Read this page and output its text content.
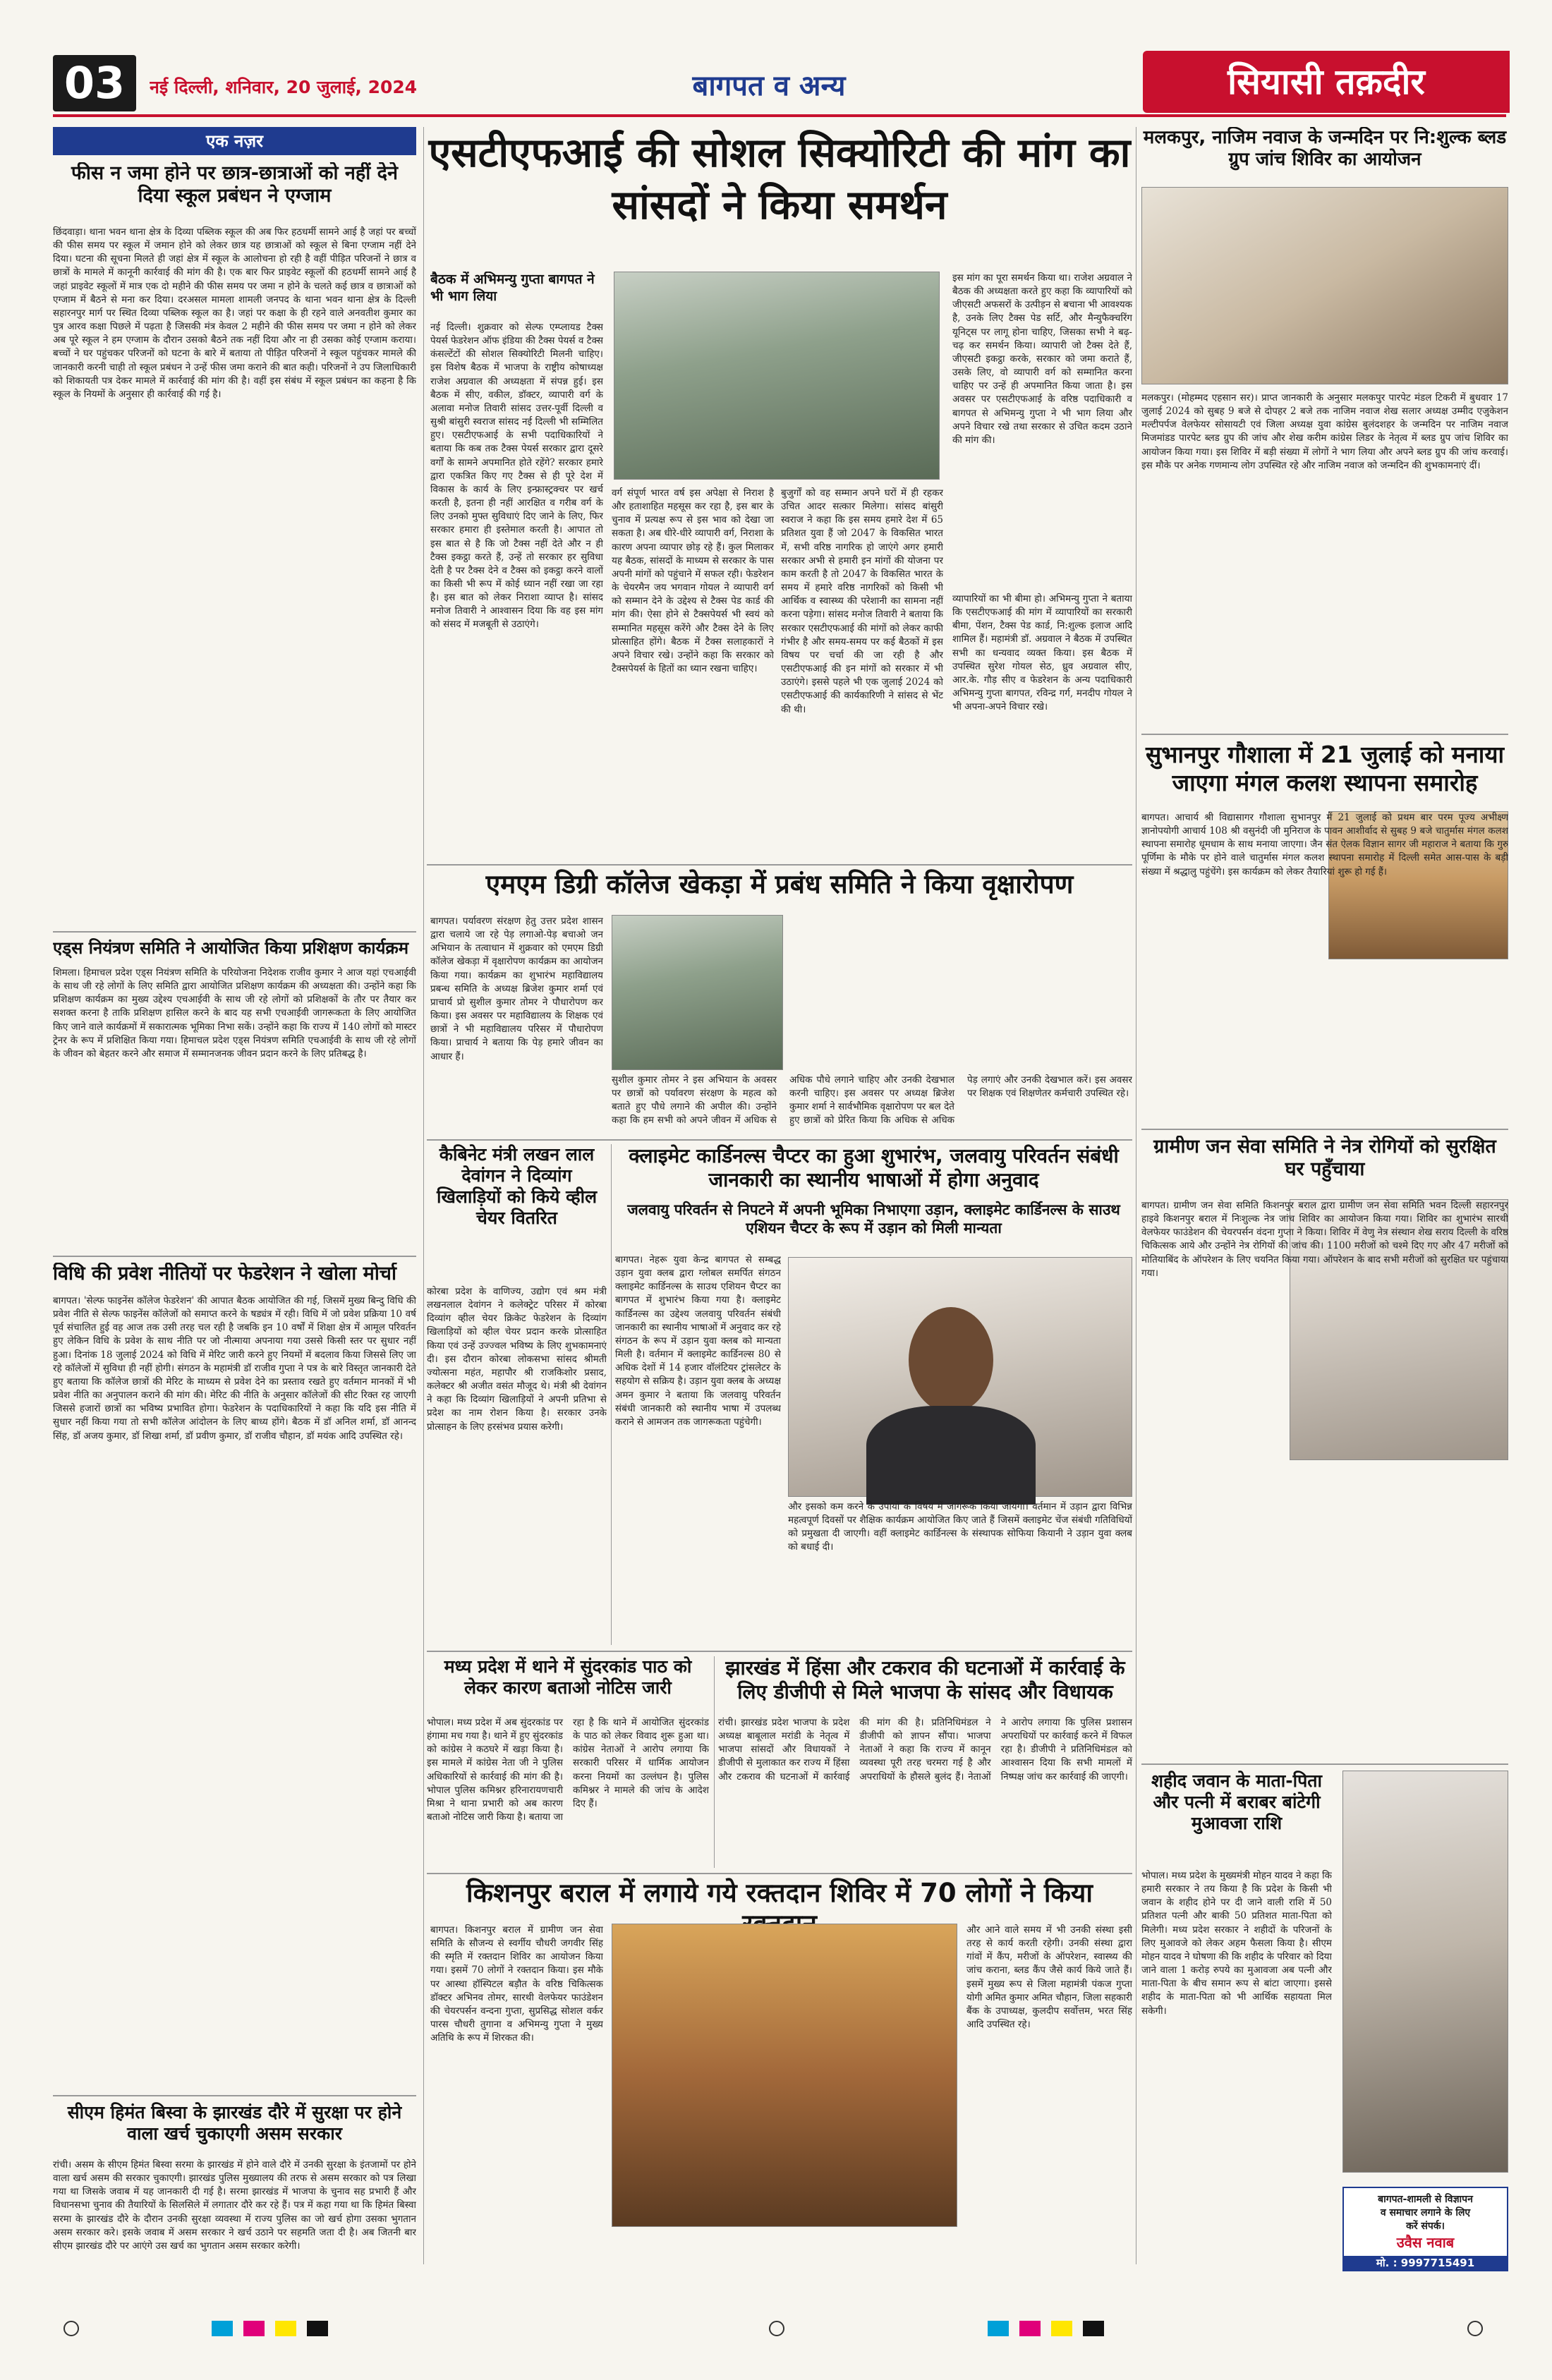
03	नई दिल्ली, शनिवार, 20 जुलाई, 2024	बागपत व अन्य	सियासी तक़दीर
एक नज़र
फीस न जमा होने पर छात्र-छात्राओं को नहीं देने दिया स्कूल प्रबंधन ने एग्जाम
छिंदवाड़ा। थाना भवन थाना क्षेत्र के दिव्या पब्लिक स्कूल की अब फिर हठधर्मी सामने आई है जहां पर बच्चों की फीस समय पर स्कूल में जमान होने को लेकर छात्र यह छात्राओं को स्कूल से बिना एग्जाम नहीं देने दिया। घटना की सूचना मिलते ही जहां क्षेत्र में स्कूल के आलोचना हो रही है वहीं पीड़ित परिजनों ने छात्र व छात्रों के मामले में कानूनी कार्रवाई की मांग की है। एक बार फिर प्राइवेट स्कूलों की हठधर्मी सामने आई है जहां प्राइवेट स्कूलों में मात्र एक दो महीने की फीस समय पर जमा न होने के चलते कई छात्र व छात्राओं को एग्जाम में बैठने से मना कर दिया। दरअसल मामला शामली जनपद के थाना भवन थाना क्षेत्र के दिल्ली सहारनपुर मार्ग पर स्थित दिव्या पब्लिक स्कूल का है। जहां पर कक्षा के ही रहने वाले अनवतीश कुमार का पुत्र आरव कक्षा पिछले में पढ़ता है जिसकी मंत्र केवल 2 महीने की फीस समय पर जमा न होने को लेकर अब पूरे स्कूल ने हम एग्जाम के दौरान उसको बैठने तक नहीं दिया और ना ही उसका कोई एग्जाम कराया। बच्चों ने घर पहुंचकर परिजनों को घटना के बारे में बताया तो पीड़ित परिजनों ने स्कूल पहुंचकर मामले की जानकारी करनी चाही तो स्कूल प्रबंधन ने उन्हें फीस जमा कराने की बात कही। परिजनों ने उप जिलाधिकारी को शिकायती पत्र देकर मामले में कार्रवाई की मांग की है। वहीं इस संबंध में स्कूल प्रबंधन का कहना है कि स्कूल के नियमों के अनुसार ही कार्रवाई की गई है।
एड्स नियंत्रण समिति ने आयोजित किया प्रशिक्षण कार्यक्रम
शिमला। हिमाचल प्रदेश एड्स नियंत्रण समिति के परियोजना निदेशक राजीव कुमार ने आज यहां एचआईवी के साथ जी रहे लोगों के लिए समिति द्वारा आयोजित प्रशिक्षण कार्यक्रम की अध्यक्षता की। उन्होंने कहा कि प्रशिक्षण कार्यक्रम का मुख्य उद्देश्य एचआईवी के साथ जी रहे लोगों को प्रशिक्षकों के तौर पर तैयार कर सशक्त करना है ताकि प्रशिक्षण हासिल करने के बाद यह सभी एचआईवी जागरूकता के लिए आयोजित किए जाने वाले कार्यक्रमों में सकारात्मक भूमिका निभा सकें। उन्होंने कहा कि राज्य में 140 लोगों को मास्टर ट्रेनर के रूप में प्रशिक्षित किया गया। हिमाचल प्रदेश एड्स नियंत्रण समिति एचआईवी के साथ जी रहे लोगों के जीवन को बेहतर करने और समाज में सम्मानजनक जीवन प्रदान करने के लिए प्रतिबद्ध है।
विधि की प्रवेश नीतियों पर फेडरेशन ने खोला मोर्चा
बागपत। 'सेल्फ फाइनेंस कॉलेज फेडरेशन' की आपात बैठक आयोजित की गई, जिसमें मुख्य बिन्दु विधि की प्रवेश नीति से सेल्फ फाइनेंस कॉलेजों को समाप्त करने के षड्यंत्र में रही। विधि में जो प्रवेश प्रक्रिया 10 वर्ष पूर्व संचालित हुई वह आज तक उसी तरह चल रही है जबकि इन 10 वर्षों में शिक्षा क्षेत्र में आमूल परिवर्तन हुए लेकिन विधि के प्रवेश के साथ नीति पर जो नीत्माया अपनाया गया उससे किसी स्तर पर सुधार नहीं हुआ। दिनांक 18 जुलाई 2024 को विधि में मेरिट जारी करने हुए नियमों में बदलाव किया जिससे लिए जा रहे कॉलेजों में सुविधा ही नहीं होगी। संगठन के महामंत्री डॉ राजीव गुप्ता ने पत्र के बारे विस्तृत जानकारी देते हुए बताया कि कॉलेज छात्रों की मेरिट के माध्यम से प्रवेश देने का प्रस्ताव रखते हुए वर्तमान मानकों में भी प्रवेश नीति का अनुपालन कराने की मांग की। मेरिट की नीति के अनुसार कॉलेजों की सीट रिक्त रह जाएगी जिससे हजारों छात्रों का भविष्य प्रभावित होगा। फेडरेशन के पदाधिकारियों ने कहा कि यदि इस नीति में सुधार नहीं किया गया तो सभी कॉलेज आंदोलन के लिए बाध्य होंगे। बैठक में डॉ अनिल शर्मा, डॉ आनन्द सिंह, डॉ अजय कुमार, डॉ शिखा शर्मा, डॉ प्रवीण कुमार, डॉ राजीव चौहान, डॉ मयंक आदि उपस्थित रहे।
सीएम हिमंत बिस्वा के झारखंड दौरे में सुरक्षा पर होने वाला खर्च चुकाएगी असम सरकार
रांची। असम के सीएम हिमंत बिस्वा सरमा के झारखंड में होने वाले दौरे में उनकी सुरक्षा के इंतजामों पर होने वाला खर्च असम की सरकार चुकाएगी। झारखंड पुलिस मुख्यालय की तरफ से असम सरकार को पत्र लिखा गया था जिसके जवाब में यह जानकारी दी गई है। सरमा झारखंड में भाजपा के चुनाव सह प्रभारी हैं और विधानसभा चुनाव की तैयारियों के सिलसिले में लगातार दौरे कर रहे हैं। पत्र में कहा गया था कि हिमंत बिस्वा सरमा के झारखंड दौरे के दौरान उनकी सुरक्षा व्यवस्था में राज्य पुलिस का जो खर्च होगा उसका भुगतान असम सरकार करे। इसके जवाब में असम सरकार ने खर्च उठाने पर सहमति जता दी है। अब जितनी बार सीएम झारखंड दौरे पर आएंगे उस खर्च का भुगतान असम सरकार करेगी।
एसटीएफआई की सोशल सिक्योरिटी की मांग का सांसदों ने किया समर्थन
बैठक में अभिमन्यु गुप्ता बागपत ने भी भाग लिया
नई दिल्ली। शुक्रवार को सेल्फ एम्प्लायड टैक्स पेयर्स फेडरेशन ऑफ इंडिया की टैक्स पेयर्स व टैक्स कंसल्टेंटों की सोशल सिक्योरिटी मिलनी चाहिए। इस विशेष बैठक में भाजपा के राष्ट्रीय कोषाध्यक्ष राजेश अग्रवाल की अध्यक्षता में संपन्न हुई। इस बैठक में सीए, वकील, डॉक्टर, व्यापारी वर्ग के अलावा मनोज तिवारी सांसद उत्तर-पूर्वी दिल्ली व सुश्री बांसुरी स्वराज सांसद नई दिल्ली भी सम्मिलित हुए। एसटीएफआई के सभी पदाधिकारियों ने बताया कि कब तक टैक्स पेयर्स सरकार द्वारा दूसरे वर्गों के सामने अपमानित होते रहेंगे? सरकार हमारे द्वारा एकत्रित किए गए टैक्स से ही पूरे देश में विकास के कार्य के लिए इन्फ्रास्ट्रक्चर पर खर्च करती है, इतना ही नहीं आरक्षित व गरीब वर्ग के लिए उनको मुफ्त सुविधाएं दिए जाने के लिए, फिर सरकार हमारा ही इस्तेमाल करती है। आपात तो इस बात से है कि जो टैक्स नहीं देते और न ही टैक्स इकट्ठा करते हैं, उन्हें तो सरकार हर सुविधा देती है पर टैक्स देने व टैक्स को इकट्ठा करने वालों का किसी भी रूप में कोई ध्यान नहीं रखा जा रहा है। इस बात को लेकर निराशा व्याप्त है। सांसद मनोज तिवारी ने आश्वासन दिया कि वह इस मांग को संसद में मजबूती से उठाएंगे।
वर्ग संपूर्ण भारत वर्ष इस अपेक्षा से निराश है और हताशाहित महसूस कर रहा है, इस बार के चुनाव में प्रत्यक्ष रूप से इस भाव को देखा जा सकता है। अब धीरे-धीरे व्यापारी वर्ग, निराशा के कारण अपना व्यापार छोड़ रहे हैं। कुल मिलाकर यह बैठक, सांसदों के माध्यम से सरकार के पास अपनी मांगों को पहुंचाने में सफल रही। फेडरेशन के चेयरमैन जय भगवान गोयल ने व्यापारी वर्ग को सम्मान देने के उद्देश्य से टैक्स पेड कार्ड की मांग की। ऐसा होने से टैक्सपेयर्स भी स्वयं को सम्मानित महसूस करेंगे और टैक्स देने के लिए प्रोत्साहित होंगे। बैठक में टैक्स सलाहकारों ने अपने विचार रखे। उन्होंने कहा कि सरकार को टैक्सपेयर्स के हितों का ध्यान रखना चाहिए।
बुजुर्गों को वह सम्मान अपने घरों में ही रहकर उचित आदर सत्कार मिलेगा। सांसद बांसुरी स्वराज ने कहा कि इस समय हमारे देश में 65 प्रतिशत युवा हैं जो 2047 के विकसित भारत में, सभी वरिष्ठ नागरिक हो जाएंगे अगर हमारी सरकार अभी से हमारी इन मांगों की योजना पर काम करती है तो 2047 के विकसित भारत के समय में हमारे वरिष्ठ नागरिकों को किसी भी आर्थिक व स्वास्थ्य की परेशानी का सामना नहीं करना पड़ेगा। सांसद मनोज तिवारी ने बताया कि सरकार एसटीएफआई की मांगों को लेकर काफी गंभीर है और समय-समय पर कई बैठकों में इस विषय पर चर्चा की जा रही है और एसटीएफआई की इन मांगों को सरकार में भी उठाएंगे। इससे पहले भी एक जुलाई 2024 को एसटीएफआई की कार्यकारिणी ने सांसद से भेंट की थी।
इस मांग का पूरा समर्थन किया था। राजेश अग्रवाल ने बैठक की अध्यक्षता करते हुए कहा कि व्यापारियों को जीएसटी अफसरों के उत्पीड़न से बचाना भी आवश्यक है, उनके लिए टैक्स पेड सर्टि, और मैन्युफैक्चरिंग यूनिट्स पर लागू होना चाहिए, जिसका सभी ने बढ़-चढ़ कर समर्थन किया। व्यापारी जो टैक्स देते हैं, जीएसटी इकट्ठा करके, सरकार को जमा कराते हैं, उसके लिए, वो व्यापारी वर्ग को सम्मानित करना चाहिए पर उन्हें ही अपमानित किया जाता है। इस अवसर पर एसटीएफआई के वरिष्ठ पदाधिकारी व बागपत से अभिमन्यु गुप्ता ने भी भाग लिया और अपने विचार रखे तथा सरकार से उचित कदम उठाने की मांग की।
व्यापारियों का भी बीमा हो। अभिमन्यु गुप्ता ने बताया कि एसटीएफआई की मांग में व्यापारियों का सरकारी बीमा, पेंशन, टैक्स पेड कार्ड, नि:शुल्क इलाज आदि शामिल हैं। महामंत्री डॉ. अग्रवाल ने बैठक में उपस्थित सभी का धन्यवाद व्यक्त किया। इस बैठक में उपस्थित सुरेश गोयल सेठ, ध्रुव अग्रवाल सीए, आर.के. गौड़ सीए व फेडरेशन के अन्य पदाधिकारी अभिमन्यु गुप्ता बागपत, रविन्द्र गर्ग, मनदीप गोयल ने भी अपना-अपने विचार रखे।
एमएम डिग्री कॉलेज खेकड़ा में प्रबंध समिति ने किया वृक्षारोपण
बागपत। पर्यावरण संरक्षण हेतु उत्तर प्रदेश शासन द्वारा चलाये जा रहे पेड़ लगाओ-पेड़ बचाओ जन अभियान के तत्वाधान में शुक्रवार को एमएम डिग्री कॉलेज खेकड़ा में वृक्षारोपण कार्यक्रम का आयोजन किया गया। कार्यक्रम का शुभारंभ महाविद्यालय प्रबन्ध समिति के अध्यक्ष ब्रिजेश कुमार शर्मा एवं प्राचार्य प्रो सुशील कुमार तोमर ने पौधारोपण कर किया। इस अवसर पर महाविद्यालय के शिक्षक एवं छात्रों ने भी महाविद्यालय परिसर में पौधारोपण किया। प्राचार्य ने बताया कि पेड़ हमारे जीवन का आधार हैं।
सुशील कुमार तोमर ने इस अभियान के अवसर पर छात्रों को पर्यावरण संरक्षण के महत्व को बताते हुए पौधे लगाने की अपील की। उन्होंने कहा कि हम सभी को अपने जीवन में अधिक से अधिक पौधे लगाने चाहिए और उनकी देखभाल करनी चाहिए। इस अवसर पर अध्यक्ष ब्रिजेश कुमार शर्मा ने सार्वभौमिक वृक्षारोपण पर बल देते हुए छात्रों को प्रेरित किया कि अधिक से अधिक पेड़ लगाएं और उनकी देखभाल करें। इस अवसर पर शिक्षक एवं शिक्षणेतर कर्मचारी उपस्थित रहे।
कैबिनेट मंत्री लखन लाल देवांगन ने दिव्यांग खिलाड़ियों को किये व्हील चेयर वितरित
कोरबा प्रदेश के वाणिज्य, उद्योग एवं श्रम मंत्री लखनलाल देवांगन ने कलेक्ट्रेट परिसर में कोरबा दिव्यांग व्हील चेयर क्रिकेट फेडरेशन के दिव्यांग खिलाड़ियों को व्हील चेयर प्रदान करके प्रोत्साहित किया एवं उन्हें उज्ज्वल भविष्य के लिए शुभकामनाएं दी। इस दौरान कोरबा लोकसभा सांसद श्रीमती ज्योत्सना महंत, महापौर श्री राजकिशोर प्रसाद, कलेक्टर श्री अजीत वसंत मौजूद थे। मंत्री श्री देवांगन ने कहा कि दिव्यांग खिलाड़ियों ने अपनी प्रतिभा से प्रदेश का नाम रोशन किया है। सरकार उनके प्रोत्साहन के लिए हरसंभव प्रयास करेगी।
क्लाइमेट कार्डिनल्स चैप्टर का हुआ शुभारंभ, जलवायु परिवर्तन संबंधी जानकारी का स्थानीय भाषाओं में होगा अनुवाद
जलवायु परिवर्तन से निपटने में अपनी भूमिका निभाएगा उड़ान, क्लाइमेट कार्डिनल्स के साउथ एशियन चैप्टर के रूप में उड़ान को मिली मान्यता
बागपत। नेहरू युवा केन्द्र बागपत से सम्बद्ध उड़ान युवा क्लब द्वारा ग्लोबल समर्पित संगठन क्लाइमेट कार्डिनल्स के साउथ एशियन चैप्टर का बागपत में शुभारंभ किया गया है। क्लाइमेट कार्डिनल्स का उद्देश्य जलवायु परिवर्तन संबंधी जानकारी का स्थानीय भाषाओं में अनुवाद कर रहे संगठन के रूप में उड़ान युवा क्लब को मान्यता मिली है। वर्तमान में क्लाइमेट कार्डिनल्स 80 से अधिक देशों में 14 हजार वॉलंटियर ट्रांसलेटर के सहयोग से सक्रिय है। उड़ान युवा क्लब के अध्यक्ष अमन कुमार ने बताया कि जलवायु परिवर्तन संबंधी जानकारी को स्थानीय भाषा में उपलब्ध कराने से आमजन तक जागरूकता पहुंचेगी।
और इसको कम करने के उपायों के विषय में जागरूक किया जायेगा। वर्तमान में उड़ान द्वारा विभिन्न महत्वपूर्ण दिवसों पर शैक्षिक कार्यक्रम आयोजित किए जाते हैं जिसमें क्लाइमेट चेंज संबंधी गतिविधियों को प्रमुखता दी जाएगी। वहीं क्लाइमेट कार्डिनल्स के संस्थापक सोफिया कियानी ने उड़ान युवा क्लब को बधाई दी।
मध्य प्रदेश में थाने में सुंदरकांड पाठ को लेकर कारण बताओ नोटिस जारी
भोपाल। मध्य प्रदेश में अब सुंदरकांड पर हंगामा मच गया है। थाने में हुए सुंदरकांड को कांग्रेस ने कठघरे में खड़ा किया है। इस मामले में कांग्रेस नेता जी ने पुलिस अधिकारियों से कार्रवाई की मांग की है। भोपाल पुलिस कमिश्नर हरिनारायणचारी मिश्रा ने थाना प्रभारी को अब कारण बताओ नोटिस जारी किया है। बताया जा रहा है कि थाने में आयोजित सुंदरकांड के पाठ को लेकर विवाद शुरू हुआ था। कांग्रेस नेताओं ने आरोप लगाया कि सरकारी परिसर में धार्मिक आयोजन करना नियमों का उल्लंघन है। पुलिस कमिश्नर ने मामले की जांच के आदेश दिए हैं।
झारखंड में हिंसा और टकराव की घटनाओं में कार्रवाई के लिए डीजीपी से मिले भाजपा के सांसद और विधायक
रांची। झारखंड प्रदेश भाजपा के प्रदेश अध्यक्ष बाबूलाल मरांडी के नेतृत्व में भाजपा सांसदों और विधायकों ने डीजीपी से मुलाकात कर राज्य में हिंसा और टकराव की घटनाओं में कार्रवाई की मांग की है। प्रतिनिधिमंडल ने डीजीपी को ज्ञापन सौंपा। भाजपा नेताओं ने कहा कि राज्य में कानून व्यवस्था पूरी तरह चरमरा गई है और अपराधियों के हौसले बुलंद हैं। नेताओं ने आरोप लगाया कि पुलिस प्रशासन अपराधियों पर कार्रवाई करने में विफल रहा है। डीजीपी ने प्रतिनिधिमंडल को आश्वासन दिया कि सभी मामलों में निष्पक्ष जांच कर कार्रवाई की जाएगी।
किशनपुर बराल में लगाये गये रक्तदान शिविर में 70 लोगों ने किया
बागपत। किशनपुर बराल में ग्रामीण जन सेवा समिति के सौजन्य से स्वर्गीय चौधरी जगवीर सिंह की स्मृति में रक्तदान शिविर का आयोजन किया गया। इसमें 70 लोगों ने रक्तदान किया। इस मौके पर आस्था हॉस्पिटल बड़ौत के वरिष्ठ चिकित्सक डॉक्टर अभिनव तोमर, सारथी वेलफेयर फाउंडेशन की चेयरपर्सन वन्दना गुप्ता, सुप्रसिद्ध सोशल वर्कर पारस चौधरी तुगाना व अभिमन्यु गुप्ता ने मुख्य अतिथि के रूप में शिरकत की।
और आने वाले समय में भी उनकी संस्था इसी तरह से कार्य करती रहेगी। उनकी संस्था द्वारा गांवों में कैंप, मरीजों के ऑपरेशन, स्वास्थ्य की जांच कराना, ब्लड कैंप जैसे कार्य किये जाते हैं। इसमें मुख्य रूप से जिला महामंत्री पंकज गुप्ता योगी अमित कुमार अमित चौहान, जिला सहकारी बैंक के उपाध्यक्ष, कुलदीप सर्वोत्तम, भरत सिंह आदि उपस्थित रहे।
मलकपुर, नाजिम नवाज के जन्मदिन पर नि:शुल्क ब्लड ग्रुप जांच शिविर का आयोजन
मलकपुर। (मोहम्मद एहसान सर)। प्राप्त जानकारी के अनुसार मलकपुर पारपेट मंडल टिकरी में बुधवार 17 जुलाई 2024 को सुबह 9 बजे से दोपहर 2 बजे तक नाजिम नवाज शेख सलार अध्यक्ष उम्मीद एजुकेशन मल्टीपर्पज वेलफेयर सोसायटी एवं जिला अध्यक्ष युवा कांग्रेस बुलंदशहर के जन्मदिन पर नाजिम नवाज मिजमांडड पारपेट ब्लड ग्रुप की जांच और शेख करीम कांग्रेस लिडर के नेतृत्व में ब्लड ग्रुप जांच शिविर का आयोजन किया गया। इस शिविर में बड़ी संख्या में लोगों ने भाग लिया और अपने ब्लड ग्रुप की जांच करवाई। इस मौके पर अनेक गणमान्य लोग उपस्थित रहे और नाजिम नवाज को जन्मदिन की शुभकामनाएं दीं।
सुभानपुर गौशाला में 21 जुलाई को मनाया जाएगा मंगल कलश स्थापना समारोह
बागपत। आचार्य श्री विद्यासागर गौशाला सुभानपुर में 21 जुलाई को प्रथम बार परम पूज्य अभीक्ष्ण ज्ञानोपयोगी आचार्य 108 श्री वसुनंदी जी मुनिराज के पावन आशीर्वाद से सुबह 9 बजे चातुर्मास मंगल कलश स्थापना समारोह धूमधाम के साथ मनाया जाएगा। जैन संत ऐलक विज्ञान सागर जी महाराज ने बताया कि गुरु पूर्णिमा के मौके पर होने वाले चातुर्मास मंगल कलश स्थापना समारोह में दिल्ली समेत आस-पास के बड़ी संख्या में श्रद्धालु पहुंचेंगे। इस कार्यक्रम को लेकर तैयारियां शुरू हो गई हैं।
ग्रामीण जन सेवा समिति ने नेत्र रोगियों को सुरक्षित घर पहुँचाया
बागपत। ग्रामीण जन सेवा समिति किशनपुर बराल द्वारा ग्रामीण जन सेवा समिति भवन दिल्ली सहारनपुर हाइवे किशनपुर बराल में निःशुल्क नेत्र जांच शिविर का आयोजन किया गया। शिविर का शुभारंभ सारथी वेलफेयर फाउंडेशन की चेयरपर्सन वंदना गुप्ता ने किया। शिविर में वेणु नेत्र संस्थान शेख सराय दिल्ली के वरिष्ठ चिकित्सक आये और उन्होंने नेत्र रोगियों की जांच की। 1100 मरीजों को चश्मे दिए गए और 47 मरीजों को मोतियाबिंद के ऑपरेशन के लिए चयनित किया गया। ऑपरेशन के बाद सभी मरीजों को सुरक्षित घर पहुंचाया गया।
शहीद जवान के माता-पिता और पत्नी में बराबर बांटेगी मुआवजा राशि
भोपाल। मध्य प्रदेश के मुख्यमंत्री मोहन यादव ने कहा कि हमारी सरकार ने तय किया है कि प्रदेश के किसी भी जवान के शहीद होने पर दी जाने वाली राशि में 50 प्रतिशत पत्नी और बाकी 50 प्रतिशत माता-पिता को मिलेगी। मध्य प्रदेश सरकार ने शहीदों के परिजनों के लिए मुआवजे को लेकर अहम फैसला किया है। सीएम मोहन यादव ने घोषणा की कि शहीद के परिवार को दिया जाने वाला 1 करोड़ रुपये का मुआवजा अब पत्नी और माता-पिता के बीच समान रूप से बांटा जाएगा। इससे शहीद के माता-पिता को भी आर्थिक सहायता मिल सकेगी।
बागपत-शामली से विज्ञापन
व समाचार लगाने के लिए
करें संपर्क।
उवैस नवाब
मो. : 9997715491
